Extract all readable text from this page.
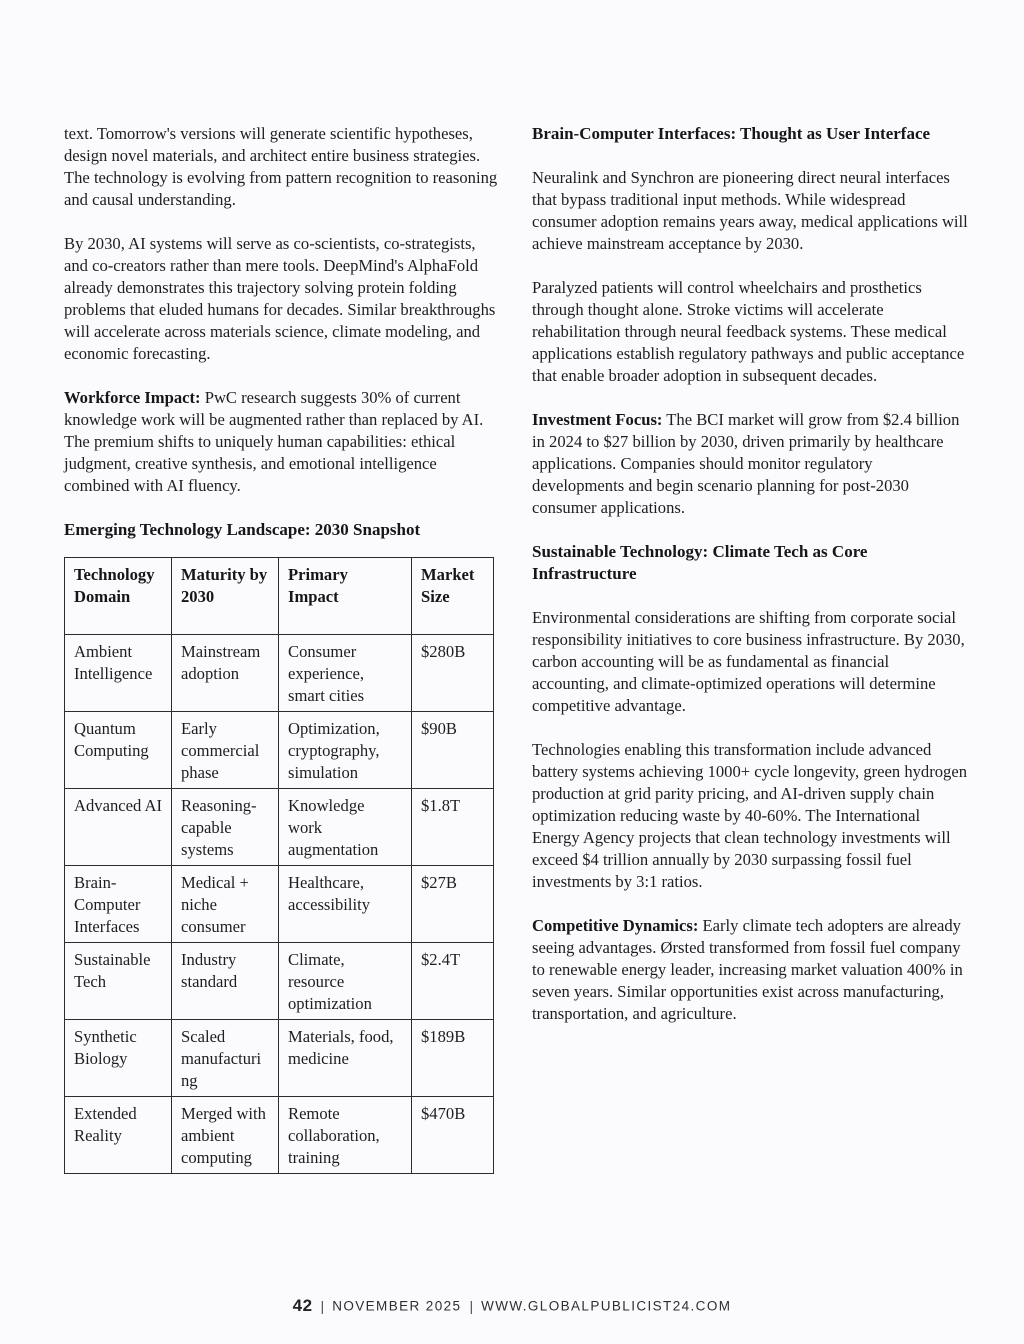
text. Tomorrow's versions will generate scientific hypotheses, design novel materials, and architect entire business strategies. The technology is evolving from pattern recognition to reasoning and causal understanding.

By 2030, AI systems will serve as co-scientists, co-strategists, and co-creators rather than mere tools. DeepMind's AlphaFold already demonstrates this trajectory solving protein folding problems that eluded humans for decades. Similar breakthroughs will accelerate across materials science, climate modeling, and economic forecasting.

Workforce Impact: PwC research suggests 30% of current knowledge work will be augmented rather than replaced by AI. The premium shifts to uniquely human capabilities: ethical judgment, creative synthesis, and emotional intelligence combined with AI fluency.

Emerging Technology Landscape: 2030 Snapshot
Technology Domain	Maturity by 2030	Primary Impact	Market Size
Ambient Intelligence	Mainstream adoption	Consumer experience, smart cities	$280B
Quantum Computing	Early commercial phase	Optimization, cryptography, simulation	$90B
Advanced AI	Reasoning-capable systems	Knowledge work augmentation	$1.8T
Brain-Computer Interfaces	Medical + niche consumer	Healthcare, accessibility	$27B
Sustainable Tech	Industry standard	Climate, resource optimization	$2.4T
Synthetic Biology	Scaled manufacturing	Materials, food, medicine	$189B
Extended Reality	Merged with ambient computing	Remote collaboration, training	$470B
Brain-Computer Interfaces: Thought as User Interface

Neuralink and Synchron are pioneering direct neural interfaces that bypass traditional input methods. While widespread consumer adoption remains years away, medical applications will achieve mainstream acceptance by 2030.

Paralyzed patients will control wheelchairs and prosthetics through thought alone. Stroke victims will accelerate rehabilitation through neural feedback systems. These medical applications establish regulatory pathways and public acceptance that enable broader adoption in subsequent decades.

Investment Focus: The BCI market will grow from $2.4 billion in 2024 to $27 billion by 2030, driven primarily by healthcare applications. Companies should monitor regulatory developments and begin scenario planning for post-2030 consumer applications.

Sustainable Technology: Climate Tech as Core Infrastructure

Environmental considerations are shifting from corporate social responsibility initiatives to core business infrastructure. By 2030, carbon accounting will be as fundamental as financial accounting, and climate-optimized operations will determine competitive advantage.

Technologies enabling this transformation include advanced battery systems achieving 1000+ cycle longevity, green hydrogen production at grid parity pricing, and AI-driven supply chain optimization reducing waste by 40-60%. The International Energy Agency projects that clean technology investments will exceed $4 trillion annually by 2030 surpassing fossil fuel investments by 3:1 ratios.

Competitive Dynamics: Early climate tech adopters are already seeing advantages. Ørsted transformed from fossil fuel company to renewable energy leader, increasing market valuation 400% in seven years. Similar opportunities exist across manufacturing, transportation, and agriculture.

42 | NOVEMBER 2025 | WWW.GLOBALPUBLICIST24.COM
